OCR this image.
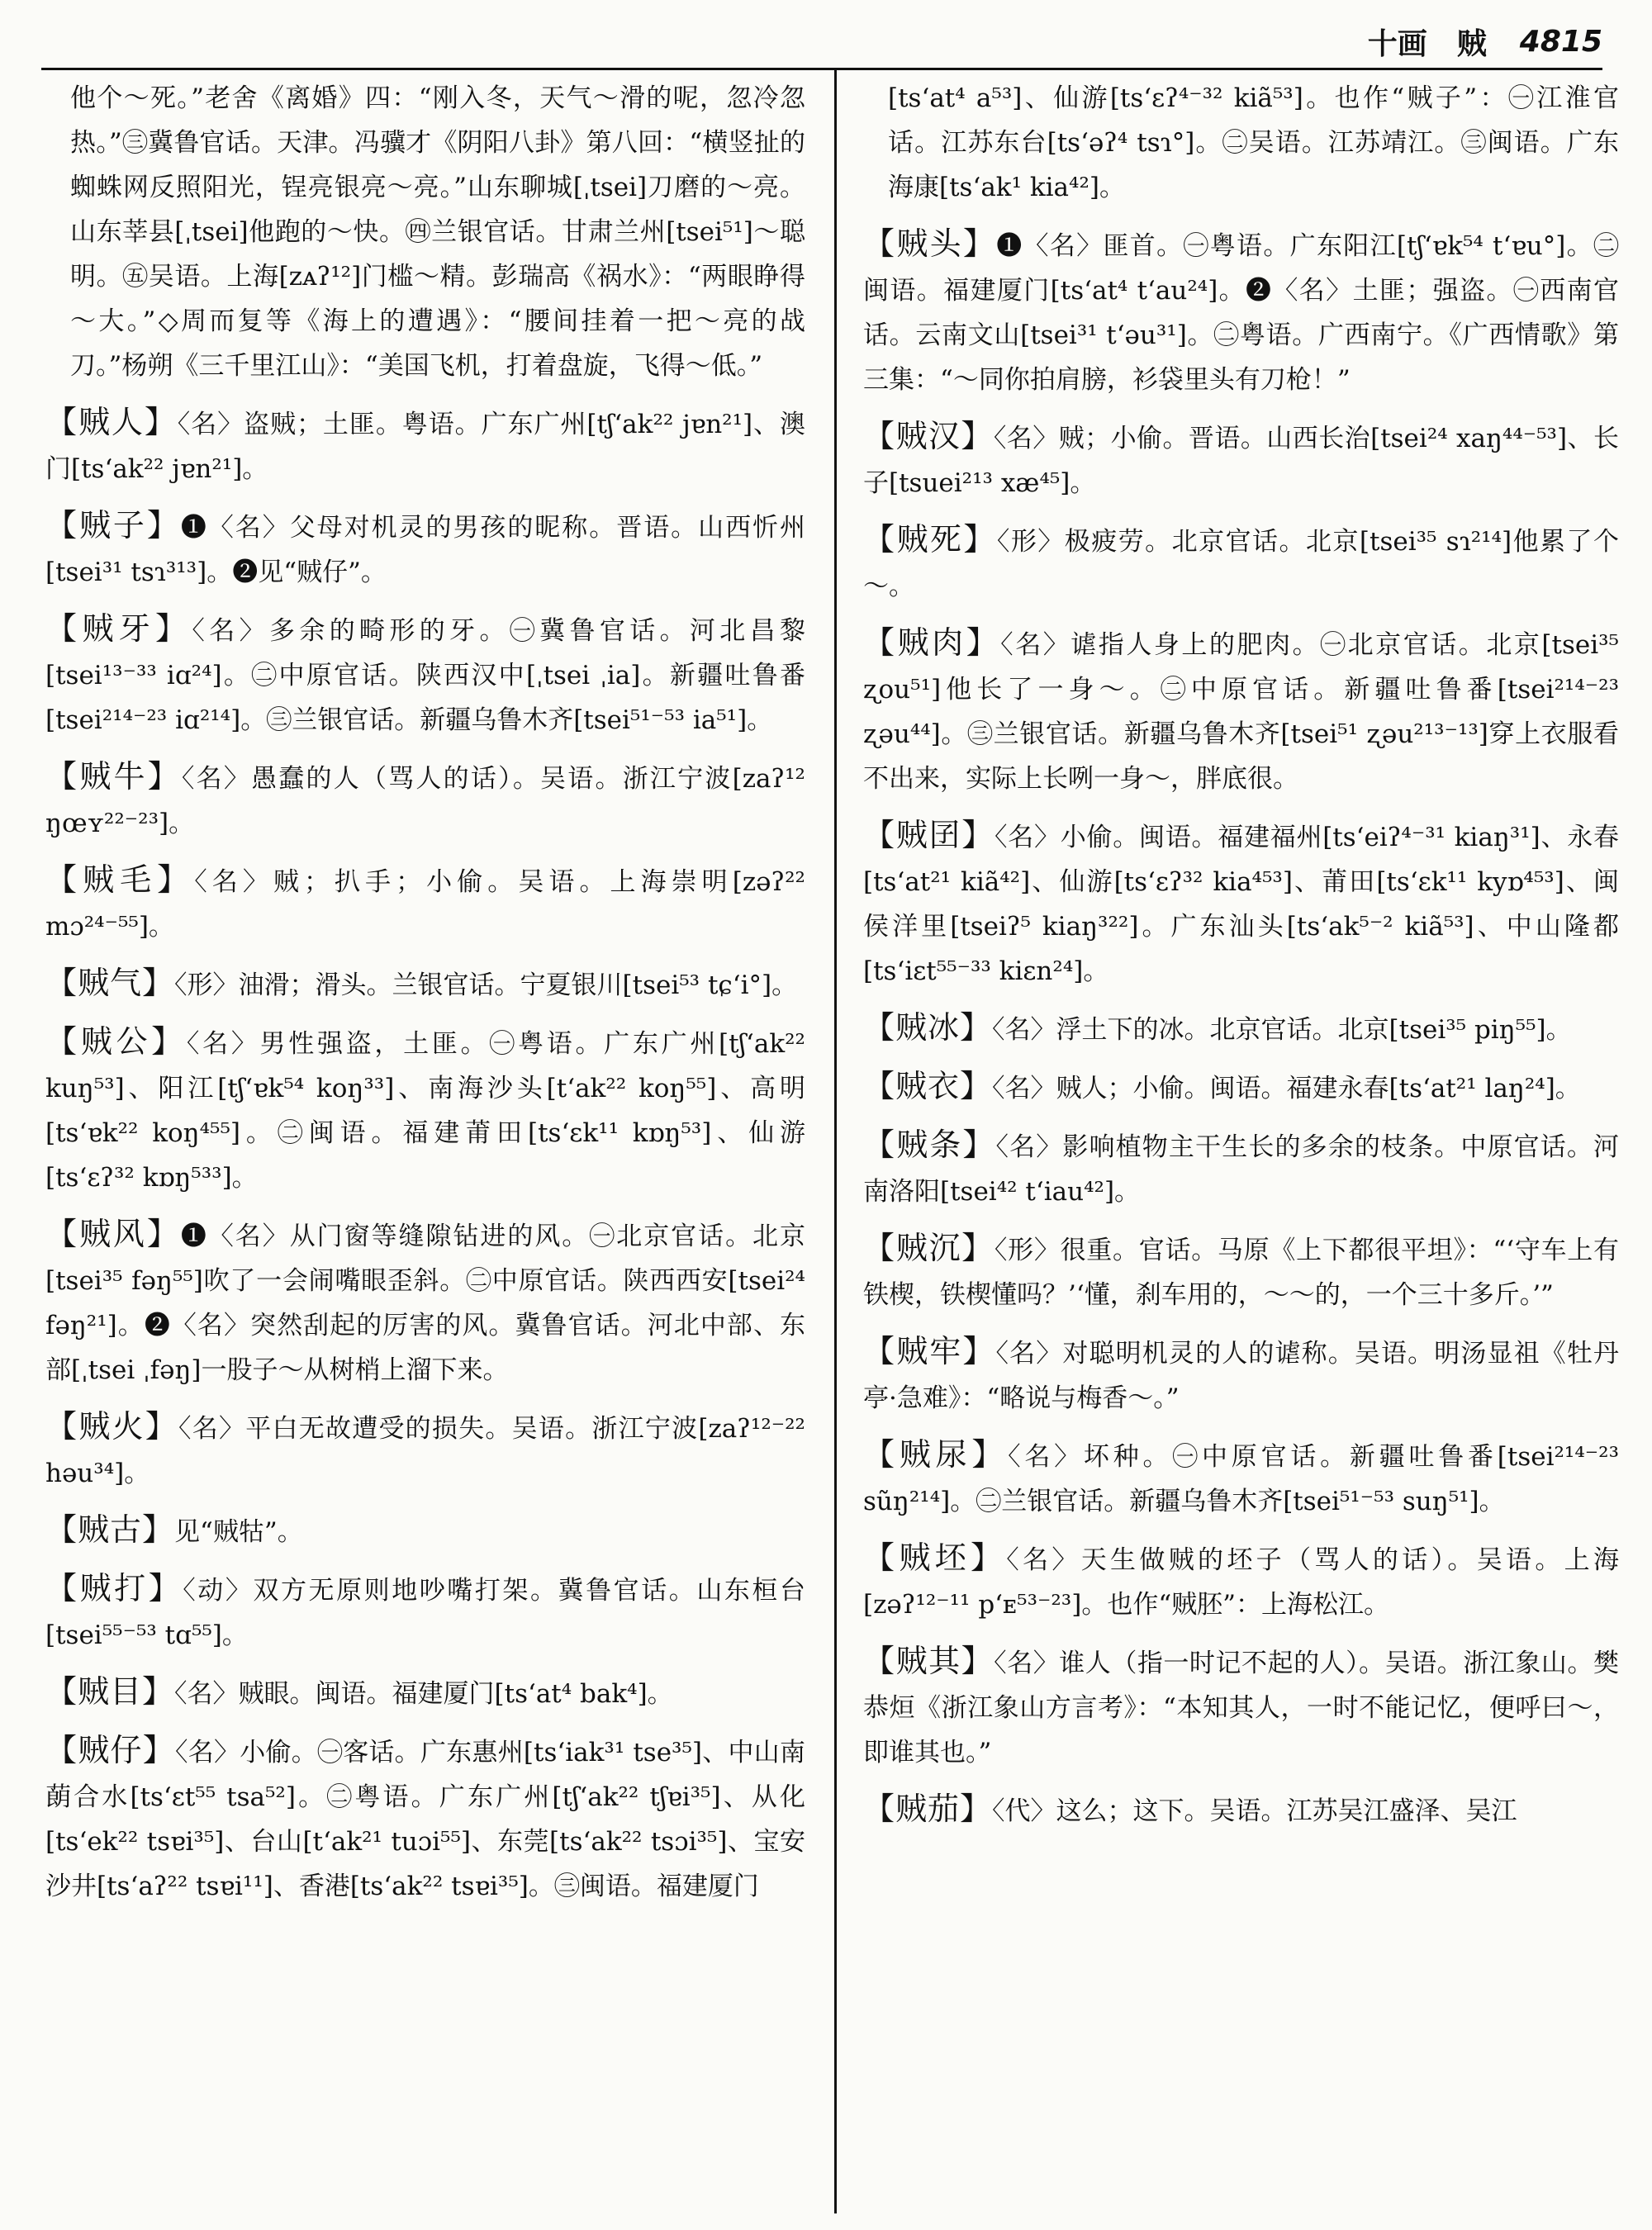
十画　贼 4815

他个～死。”老舍《离婚》四：“刚入冬，天气～滑的呢，忽冷忽热。”㊂冀鲁官话。天津。冯骥才《阴阳八卦》第八回：“横竖扯的蜘蛛网反照阳光，锃亮银亮～亮。”山东聊城[ˌtsei]刀磨的～亮。山东莘县[ˌtsei]他跑的～快。㊃兰银官话。甘肃兰州[tsei⁵¹]～聪明。㊄吴语。上海[zᴀʔ¹²]门槛～精。彭瑞高《祸水》：“两眼睁得～大。”◇周而复等《海上的遭遇》：“腰间挂着一把～亮的战刀。”杨朔《三千里江山》：“美国飞机，打着盘旋，飞得～低。”

【贼人】〈名〉盗贼；土匪。粤语。广东广州[tʃʻak²² jɐn²¹]、澳门[tsʻak²² jɐn²¹]。

【贼子】❶〈名〉父母对机灵的男孩的昵称。晋语。山西忻州[tsei³¹ tsɿ³¹³]。❷见“贼仔”。

【贼牙】〈名〉多余的畸形的牙。㊀冀鲁官话。河北昌黎[tsei¹³⁻³³ iɑ²⁴]。㊁中原官话。陕西汉中[ˌtsei ˌia]。新疆吐鲁番[tsei²¹⁴⁻²³ iɑ²¹⁴]。㊂兰银官话。新疆乌鲁木齐[tsei⁵¹⁻⁵³ ia⁵¹]。

【贼牛】〈名〉愚蠢的人（骂人的话）。吴语。浙江宁波[zaʔ¹² ŋœʏ²²⁻²³]。

【贼毛】〈名〉贼；扒手；小偷。吴语。上海崇明[zəʔ²² mɔ²⁴⁻⁵⁵]。

【贼气】〈形〉油滑；滑头。兰银官话。宁夏银川[tsei⁵³ tɕʻi°]。

【贼公】〈名〉男性强盗，土匪。㊀粤语。广东广州[tʃʻak²² kuŋ⁵³]、阳江[tʃʻɐk⁵⁴ koŋ³³]、南海沙头[tʻak²² koŋ⁵⁵]、高明[tsʻɐk²² koŋ⁴⁵⁵]。㊁闽语。福建莆田[tsʻɛk¹¹ kɒŋ⁵³]、仙游[tsʻɛʔ³² kɒŋ⁵³³]。

【贼风】❶〈名〉从门窗等缝隙钻进的风。㊀北京官话。北京[tsei³⁵ fəŋ⁵⁵]吹了一会闹嘴眼歪斜。㊁中原官话。陕西西安[tsei²⁴ fəŋ²¹]。❷〈名〉突然刮起的厉害的风。冀鲁官话。河北中部、东部[ˌtsei ˌfəŋ]一股子～从树梢上溜下来。

【贼火】〈名〉平白无故遭受的损失。吴语。浙江宁波[zaʔ¹²⁻²² həu³⁴]。

【贼古】见“贼牯”。

【贼打】〈动〉双方无原则地吵嘴打架。冀鲁官话。山东桓台[tsei⁵⁵⁻⁵³ tɑ⁵⁵]。

【贼目】〈名〉贼眼。闽语。福建厦门[tsʻat⁴ bak⁴]。

【贼仔】〈名〉小偷。㊀客话。广东惠州[tsʻiak³¹ tse³⁵]、中山南蓢合水[tsʻɛt⁵⁵ tsa⁵²]。㊁粤语。广东广州[tʃʻak²² tʃɐi³⁵]、从化[tsʻek²² tsɐi³⁵]、台山[tʻak²¹ tuɔi⁵⁵]、东莞[tsʻak²² tsɔi³⁵]、宝安沙井[tsʻaʔ²² tsɐi¹¹]、香港[tsʻak²² tsɐi³⁵]。㊂闽语。福建厦门

[tsʻat⁴ a⁵³]、仙游[tsʻɛʔ⁴⁻³² kiã⁵³]。也作“贼子”：㊀江淮官话。江苏东台[tsʻəʔ⁴ tsɿ°]。㊁吴语。江苏靖江。㊂闽语。广东海康[tsʻak¹ kia⁴²]。

【贼头】❶〈名〉匪首。㊀粤语。广东阳江[tʃʻɐk⁵⁴ tʻɐu°]。㊁闽语。福建厦门[tsʻat⁴ tʻau²⁴]。❷〈名〉土匪；强盗。㊀西南官话。云南文山[tsei³¹ tʻəu³¹]。㊁粤语。广西南宁。《广西情歌》第三集：“～同你拍肩膀，衫袋里头有刀枪！”

【贼汉】〈名〉贼；小偷。晋语。山西长治[tsei²⁴ xaŋ⁴⁴⁻⁵³]、长子[tsuei²¹³ xæ⁴⁵]。

【贼死】〈形〉极疲劳。北京官话。北京[tsei³⁵ sɿ²¹⁴]他累了个～。

【贼肉】〈名〉谑指人身上的肥肉。㊀北京官话。北京[tsei³⁵ ʐou⁵¹]他长了一身～。㊁中原官话。新疆吐鲁番[tsei²¹⁴⁻²³ ʐəu⁴⁴]。㊂兰银官话。新疆乌鲁木齐[tsei⁵¹ ʐəu²¹³⁻¹³]穿上衣服看不出来，实际上长咧一身～，胖底很。

【贼囝】〈名〉小偷。闽语。福建福州[tsʻeiʔ⁴⁻³¹ kiaŋ³¹]、永春[tsʻat²¹ kiã⁴²]、仙游[tsʻɛʔ³² kia⁴⁵³]、莆田[tsʻɛk¹¹ kyɒ⁴⁵³]、闽侯洋里[tseiʔ⁵ kiaŋ³²²]。广东汕头[tsʻak⁵⁻² kiã⁵³]、中山隆都[tsʻiɛt⁵⁵⁻³³ kiɛn²⁴]。

【贼冰】〈名〉浮土下的冰。北京官话。北京[tsei³⁵ piŋ⁵⁵]。

【贼衣】〈名〉贼人；小偷。闽语。福建永春[tsʻat²¹ laŋ²⁴]。

【贼条】〈名〉影响植物主干生长的多余的枝条。中原官话。河南洛阳[tsei⁴² tʻiau⁴²]。

【贼沉】〈形〉很重。官话。马原《上下都很平坦》：“‘守车上有铁楔，铁楔懂吗？’‘懂，刹车用的，～～的，一个三十多斤。’”

【贼牢】〈名〉对聪明机灵的人的谑称。吴语。明汤显祖《牡丹亭·急难》：“略说与梅香～。”

【贼尿】〈名〉坏种。㊀中原官话。新疆吐鲁番[tsei²¹⁴⁻²³ sũŋ²¹⁴]。㊁兰银官话。新疆乌鲁木齐[tsei⁵¹⁻⁵³ suŋ⁵¹]。

【贼坯】〈名〉天生做贼的坯子（骂人的话）。吴语。上海[zəʔ¹²⁻¹¹ pʻᴇ⁵³⁻²³]。也作“贼胚”：上海松江。

【贼其】〈名〉谁人（指一时记不起的人）。吴语。浙江象山。樊恭烜《浙江象山方言考》：“本知其人，一时不能记忆，便呼曰～，即谁其也。”

【贼茄】〈代〉这么；这下。吴语。江苏吴江盛泽、吴江
